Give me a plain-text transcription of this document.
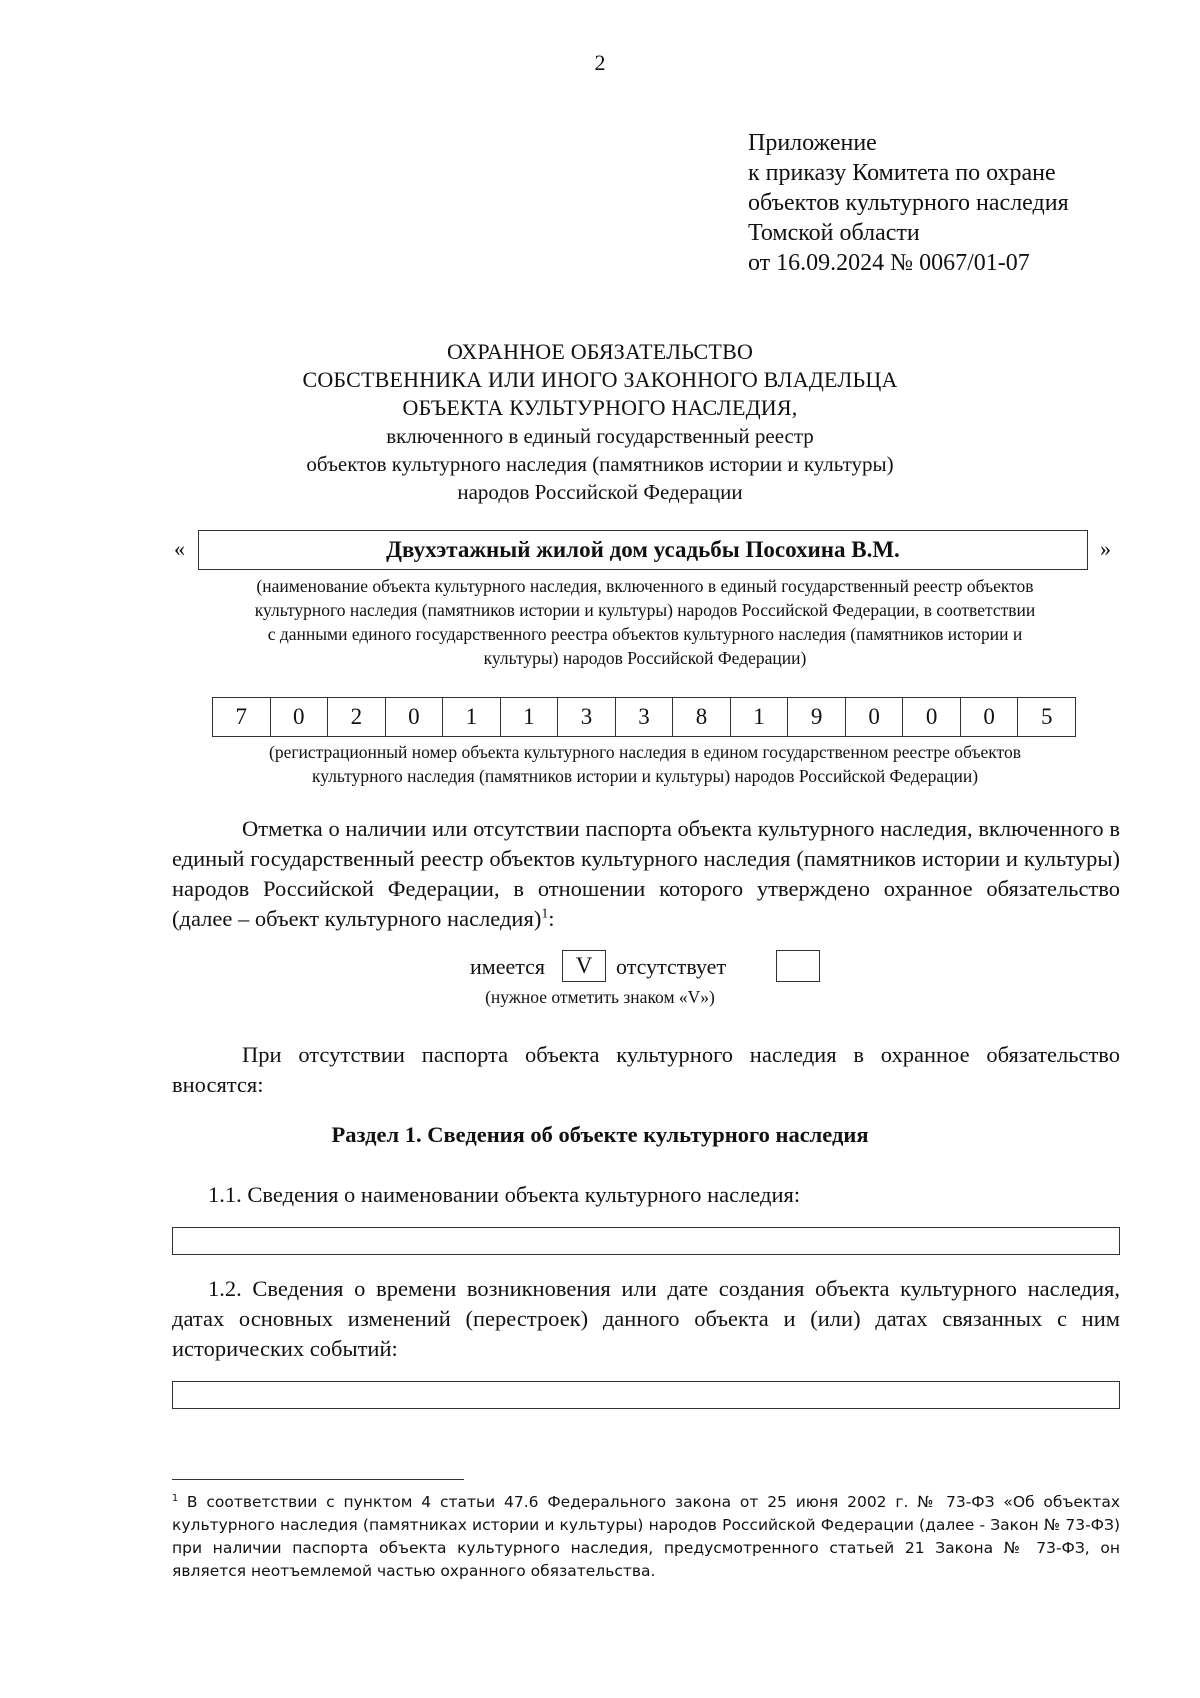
2
Приложение
к приказу Комитета по охране
объектов культурного наследия
Томской области
от 16.09.2024 № 0067/01-07
ОХРАННОЕ ОБЯЗАТЕЛЬСТВО
СОБСТВЕННИКА ИЛИ ИНОГО ЗАКОННОГО ВЛАДЕЛЬЦА
ОБЪЕКТА КУЛЬТУРНОГО НАСЛЕДИЯ,
включенного в единый государственный реестр
объектов культурного наследия (памятников истории и культуры)
народов Российской Федерации
«	Двухэтажный жилой дом усадьбы Посохина В.М.	»
(наименование объекта культурного наследия, включенного в единый государственный реестр объектов
культурного наследия (памятников истории и культуры) народов Российской Федерации, в соответствии
с данными единого государственного реестра объектов культурного наследия (памятников истории и
культуры) народов Российской Федерации)
7	0	2	0	1	1	3	3	8	1	9	0	0	0	5
(регистрационный номер объекта культурного наследия в едином государственном реестре объектов
культурного наследия (памятников истории и культуры) народов Российской Федерации)
Отметка о наличии или отсутствии паспорта объекта культурного наследия, включенного в единый государственный реестр объектов культурного наследия (памятников истории и культуры) народов Российской Федерации, в отношении которого утверждено охранное обязательство (далее – объект культурного наследия)$^1$:
имеется	V	отсутствует
(нужное отметить знаком «V»)
При отсутствии паспорта объекта культурного наследия в охранное обязательство вносятся:
Раздел 1. Сведения об объекте культурного наследия
1.1. Сведения о наименовании объекта культурного наследия:
1.2. Сведения о времени возникновения или дате создания объекта культурного наследия, датах основных изменений (перестроек) данного объекта и (или) датах связанных с ним исторических событий:
$^1$ В соответствии с пунктом 4 статьи 47.6 Федерального закона от 25 июня 2002 г. № 73-ФЗ «Об объектах культурного наследия (памятниках истории и культуры) народов Российской Федерации (далее - Закон № 73-ФЗ) при наличии паспорта объекта культурного наследия, предусмотренного статьей 21 Закона № 73-ФЗ, он является неотъемлемой частью охранного обязательства.
